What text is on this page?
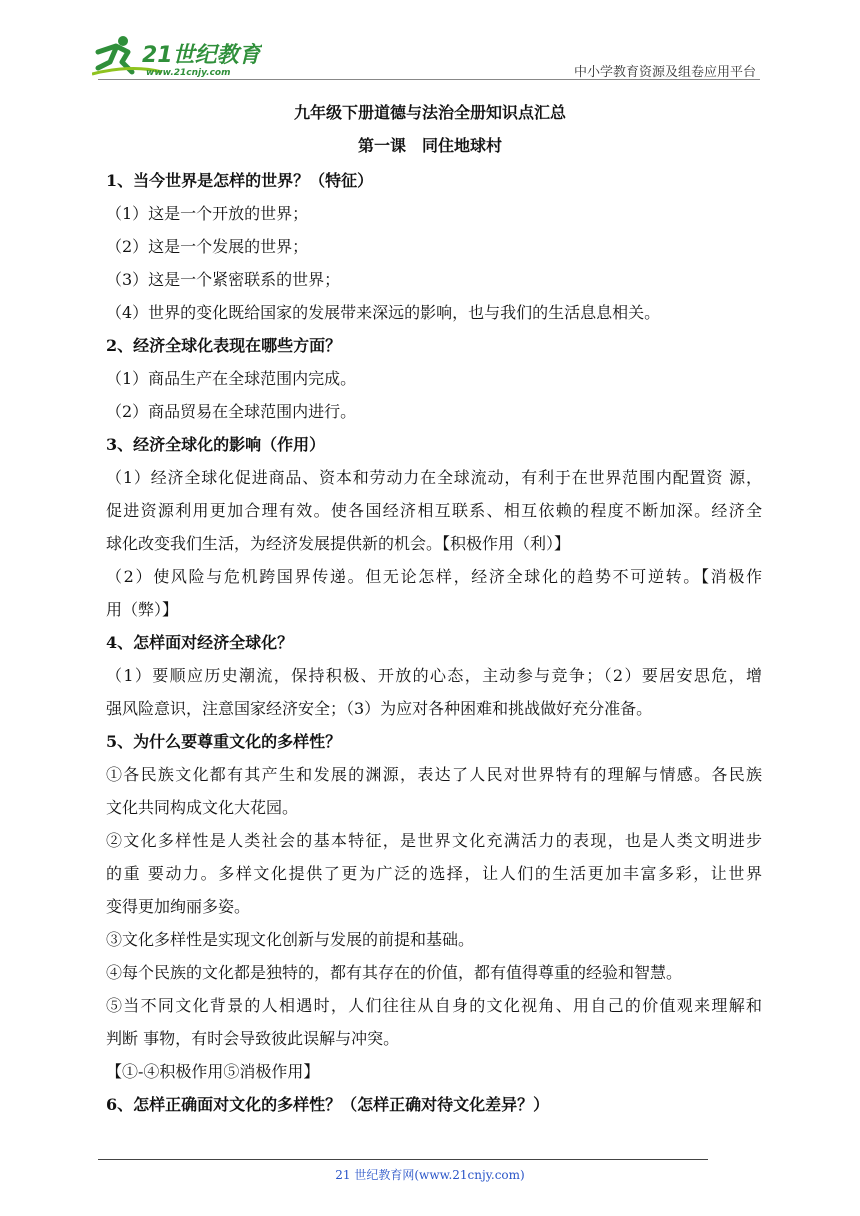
21世纪教育
www.21cnjy.com	中小学教育资源及组卷应用平台
九年级下册道德与法治全册知识点汇总
第一课　同住地球村
1、当今世界是怎样的世界？（特征）
（1）这是一个开放的世界；
（2）这是一个发展的世界；
（3）这是一个紧密联系的世界；
（4）世界的变化既给国家的发展带来深远的影响，也与我们的生活息息相关。
2、经济全球化表现在哪些方面？
（1）商品生产在全球范围内完成。
（2）商品贸易在全球范围内进行。
3、经济全球化的影响（作用）
（1）经济全球化促进商品、资本和劳动力在全球流动，有利于在世界范围内配置资 源，
促进资源利用更加合理有效。使各国经济相互联系、相互依赖的程度不断加深。经济全
球化改变我们生活，为经济发展提供新的机会。【积极作用（利）】
（2）使风险与危机跨国界传递。但无论怎样，经济全球化的趋势不可逆转。【消极作
用（弊）】
4、怎样面对经济全球化？
（1）要顺应历史潮流，保持积极、开放的心态，主动参与竞争；（2）要居安思危，增
强风险意识，注意国家经济安全；（3）为应对各种困难和挑战做好充分准备。
5、为什么要尊重文化的多样性？
①各民族文化都有其产生和发展的渊源，表达了人民对世界特有的理解与情感。各民族
文化共同构成文化大花园。
②文化多样性是人类社会的基本特征，是世界文化充满活力的表现，也是人类文明进步
的重 要动力。多样文化提供了更为广泛的选择，让人们的生活更加丰富多彩，让世界
变得更加绚丽多姿。
③文化多样性是实现文化创新与发展的前提和基础。
④每个民族的文化都是独特的，都有其存在的价值，都有值得尊重的经验和智慧。
⑤当不同文化背景的人相遇时，人们往往从自身的文化视角、用自己的价值观来理解和
判断 事物，有时会导致彼此误解与冲突。
【①-④积极作用⑤消极作用】
6、怎样正确面对文化的多样性？（怎样正确对待文化差异？）
21 世纪教育网(www.21cnjy.com)
